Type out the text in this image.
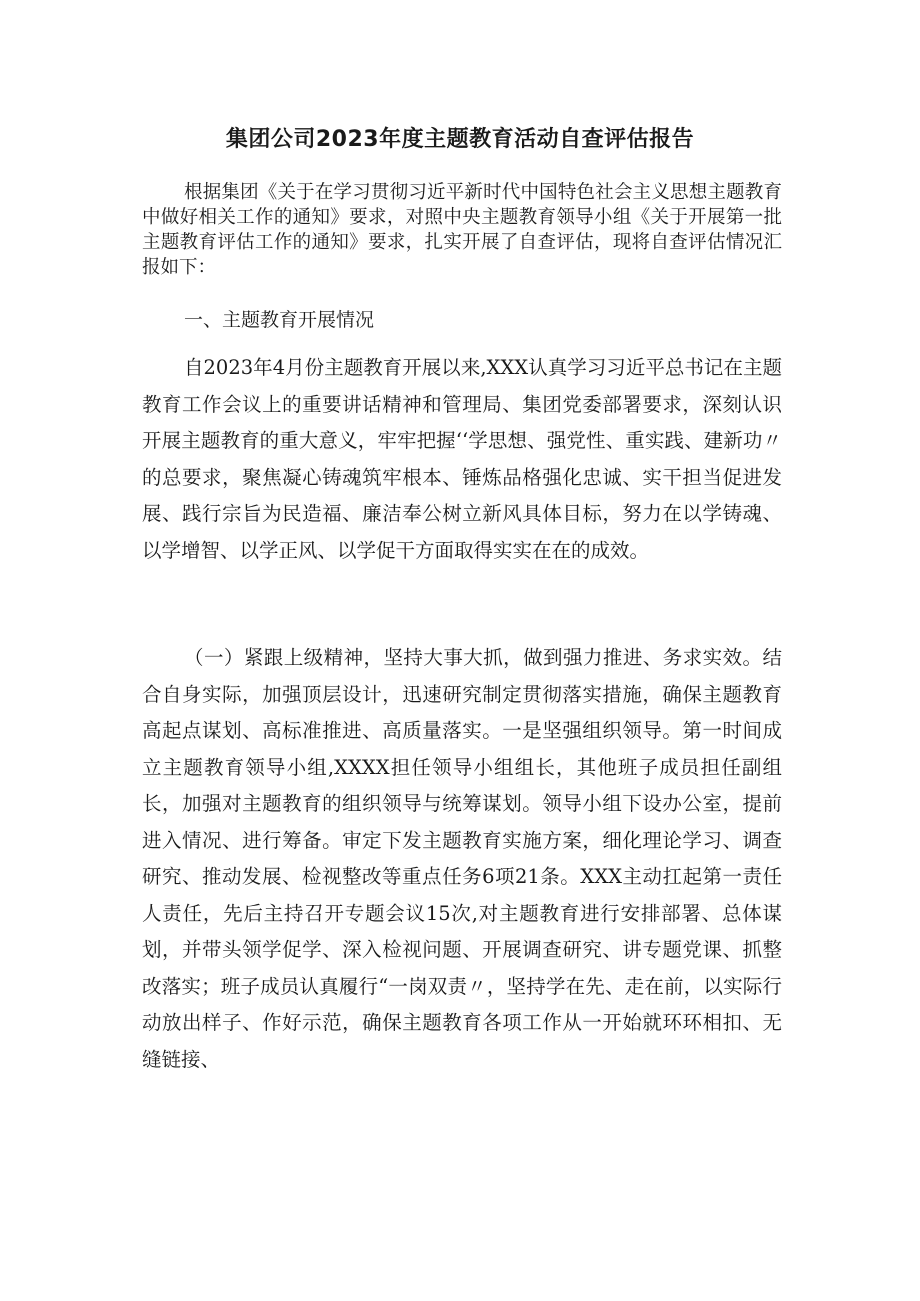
集团公司2023年度主题教育活动自查评估报告

根据集团《关于在学习贯彻习近平新时代中国特色社会主义思想主题教育中做好相关工作的通知》要求，对照中央主题教育领导小组《关于开展第一批主题教育评估工作的通知》要求，扎实开展了自查评估，现将自查评估情况汇报如下：

一、主题教育开展情况

自2023年4月份主题教育开展以来,XXX认真学习习近平总书记在主题教育工作会议上的重要讲话精神和管理局、集团党委部署要求，深刻认识开展主题教育的重大意义，牢牢把握‘‘学思想、强党性、重实践、建新功〃的总要求，聚焦凝心铸魂筑牢根本、锤炼品格强化忠诚、实干担当促进发展、践行宗旨为民造福、廉洁奉公树立新风具体目标，努力在以学铸魂、以学增智、以学正风、以学促干方面取得实实在在的成效。

（一）紧跟上级精神，坚持大事大抓，做到强力推进、务求实效。结合自身实际，加强顶层设计，迅速研究制定贯彻落实措施，确保主题教育高起点谋划、高标准推进、高质量落实。一是坚强组织领导。第一时间成立主题教育领导小组,XXXX担任领导小组组长，其他班子成员担任副组长，加强对主题教育的组织领导与统筹谋划。领导小组下设办公室，提前进入情况、进行筹备。审定下发主题教育实施方案，细化理论学习、调查研究、推动发展、检视整改等重点任务6项21条。XXX主动扛起第一责任人责任，先后主持召开专题会议15次,对主题教育进行安排部署、总体谋划，并带头领学促学、深入检视问题、开展调查研究、讲专题党课、抓整改落实；班子成员认真履行“一岗双责〃，坚持学在先、走在前，以实际行动放出样子、作好示范，确保主题教育各项工作从一开始就环环相扣、无缝链接、
